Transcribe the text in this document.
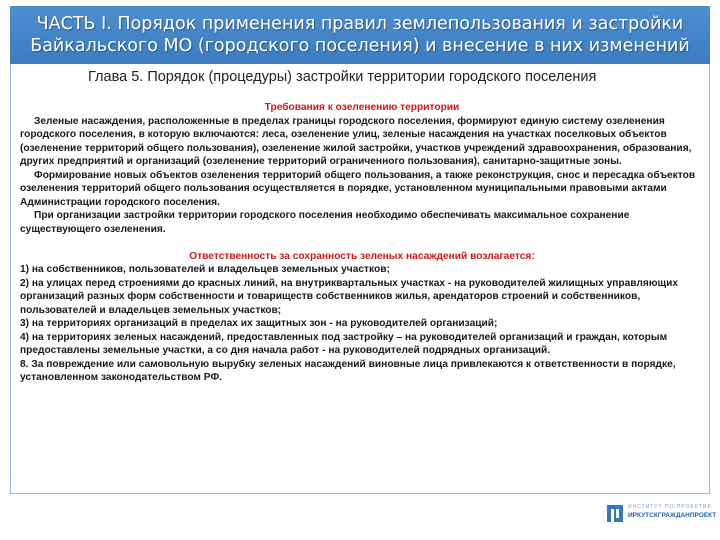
ЧАСТЬ I. Порядок применения правил землепользования и застройки
Байкальского МО (городского поселения) и внесение в них изменений
Глава 5. Порядок (процедуры) застройки территории городского поселения
Требования к озеленению территории

Зеленые насаждения, расположенные в пределах границы городского поселения, формируют единую систему озеленения городского поселения, в которую включаются: леса, озеленение улиц, зеленые насаждения на участках поселковых объектов (озеленение территорий общего пользования), озеленение жилой застройки, участков учреждений здравоохранения, образования, других предприятий и организаций (озеленение территорий ограниченного пользования), санитарно-защитные зоны.

Формирование новых объектов озеленения территорий общего пользования, а также реконструкция, снос и пересадка объектов озеленения территорий общего пользования осуществляется в порядке, установленном муниципальными правовыми актами Администрации городского поселения.

При организации застройки территории городского поселения необходимо обеспечивать максимальное сохранение существующего озеленения.

Ответственность за сохранность зеленых насаждений возлагается:

1) на собственников, пользователей и владельцев земельных участков;

2) на улицах перед строениями до красных линий, на внутриквартальных участках - на руководителей жилищных управляющих организаций разных форм собственности и товариществ собственников жилья, арендаторов строений и собственников, пользователей и владельцев земельных участков;

3) на территориях организаций в пределах их защитных зон - на руководителей организаций;

4) на территориях зеленых насаждений, предоставленных под застройку – на руководителей организаций и граждан, которым предоставлены земельные участки, а со дня начала работ - на руководителей подрядных организаций.

8. За повреждение или самовольную вырубку зеленых насаждений виновные лица привлекаются к ответственности в порядке, установленном законодательством РФ.

ИНСТИТУТ ПО ПРОЕКТИР.
ИРКУТСКГРАЖДАНПРОЕКТ
